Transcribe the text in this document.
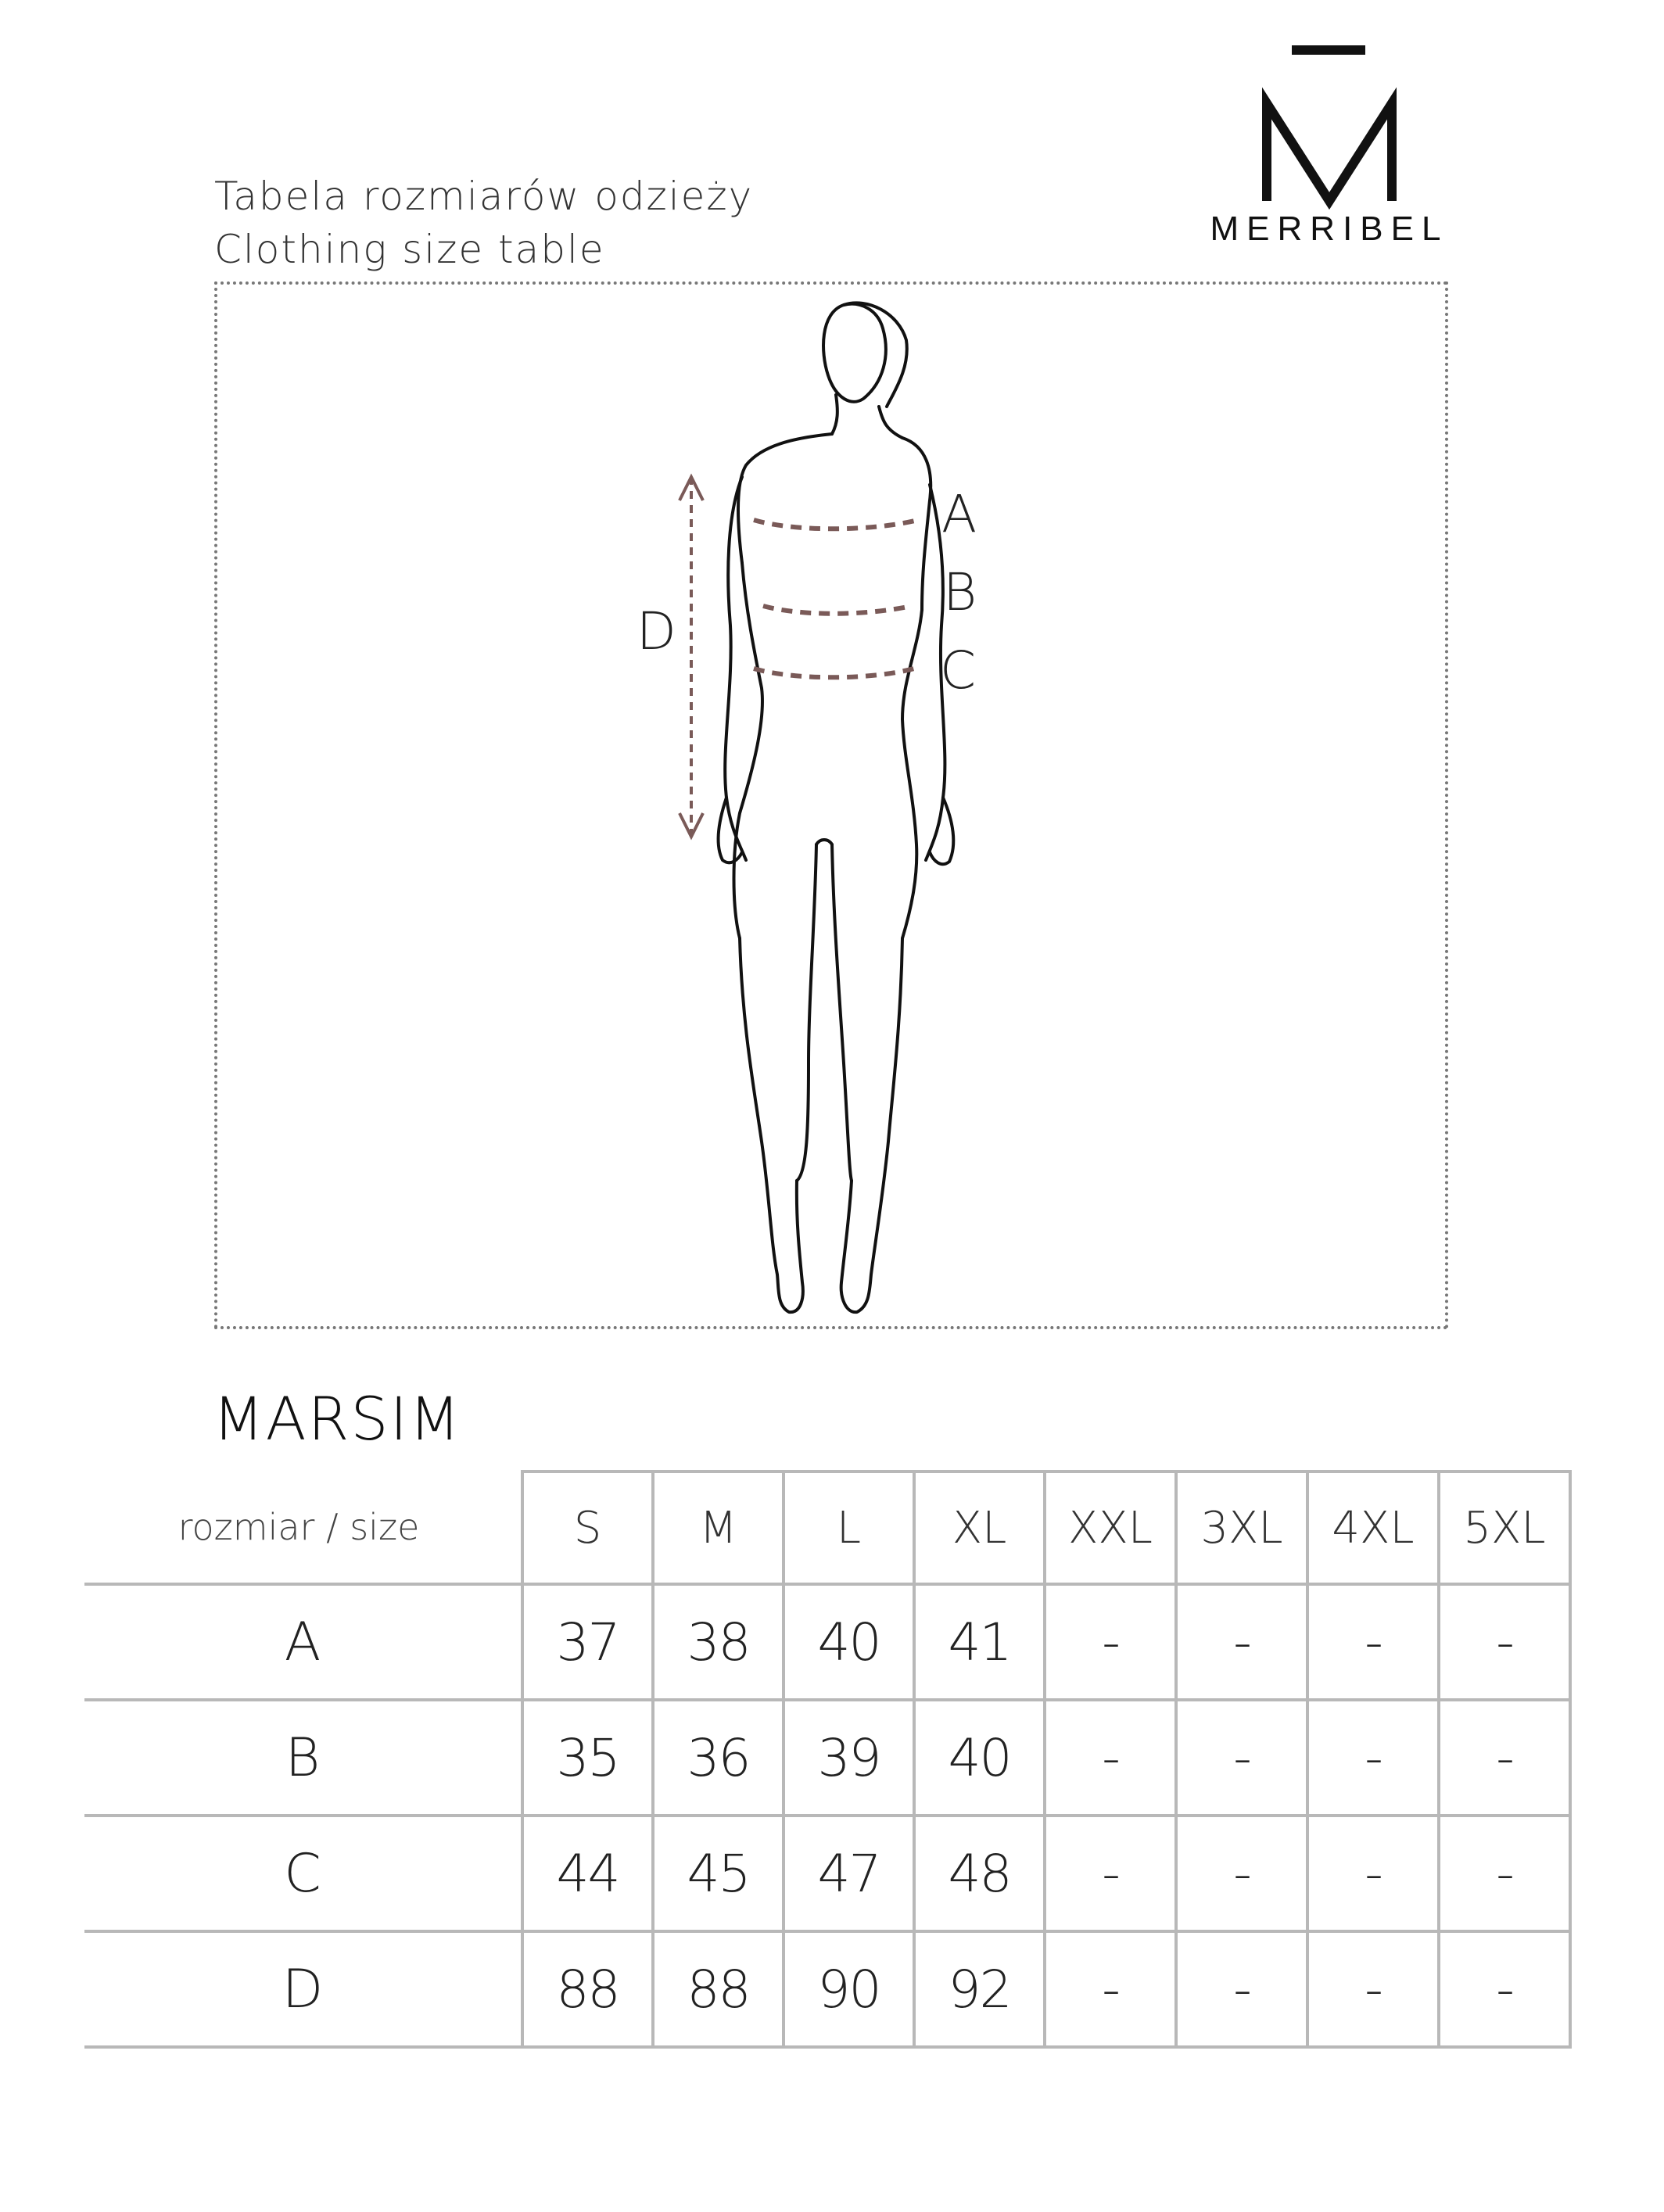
Tabela rozmiarów odzieży
Clothing size table	MERRIBEL
A
B
C
D
MARSIM
rozmiar / size	S	M	L	XL	XXL	3XL	4XL	5XL
A	37	38	40	41	-	-	-	-
B	35	36	39	40	-	-	-	-
C	44	45	47	48	-	-	-	-
D	88	88	90	92	-	-	-	-
